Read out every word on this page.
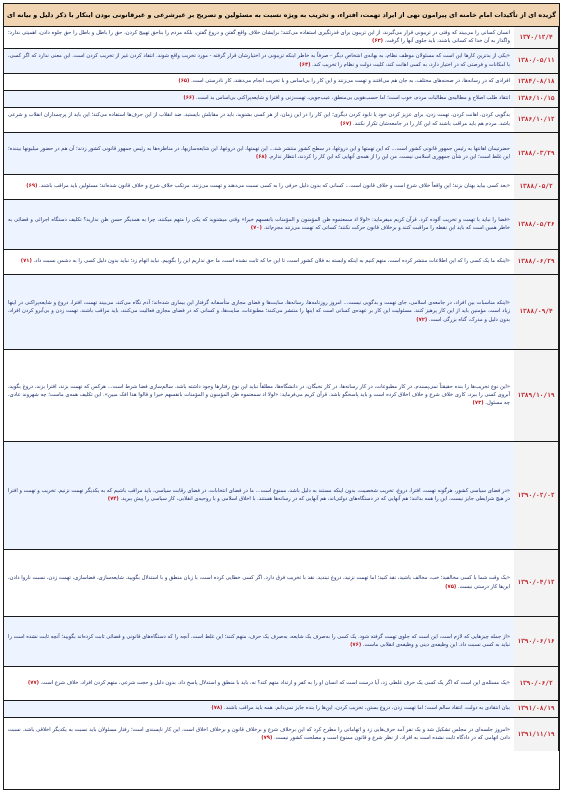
گزیده ای از تأکیدات امام خامنه ای پیرامون نهی از ایراد تهمت، افتراء، و تخریب به ویژه نسبت به مسئولین و تصریح بر غیرشرعی و غیرقانونی بودن اینکار با ذکر دلیل و بیانه ای
۱۳۷۰/۱۲/۴	انسان کسانی را می‌بیند که وقتی در تریبونی قرار می‌گیرند، از این تریبون برای قدرتگیری استفاده می‌کنند؛ برایشان خلاف واقع گفتن و دروغ گفتن، بلکه مردم را بناحق تهییج کردن، حق را باطل و باطل را حق جلوه دادن، اهمیتی ندارد؛ واگذار به آن خدا که کسانی باشند، باید جلوی آنها را گرفت. (۶۳)
۱۳۸۰/۰۵/۱۱	«یکی از بدترین کارها این است که مسئولان موظف نظام، به بهانه‌ی اشخاص دیگر - صرفاً به خاطر اینکه تریبونی در اختیارشان قرار گرفته - مورد تخریب واقع شوند. انتقاد کردن غیر از تخریب کردن است. این معنی ندارد که اگر کسی، با امکانات و فرصتی که در اختیار دارد، به کسی اهانت کند، کلیت دولت و نظام را تخریب کند. (۶۴)
۱۳۸۴/۰۸/۱۸	افرادی که در رسانه‌ها، در صحنه‌های مختلف، به جان هم می‌افتند و تهمت می‌زنند و این کار را بی‌اساس و با تخریب انجام می‌دهند، کار نادرستی است. (۶۵)
۱۳۸۶/۱۰/۱۵	انتقاد طلب اصلاح و مطالبه‌ی مطالبات مردم، خوب است؛ اما حسب‌هویی بی‌منطق، عیب‌جویی، تهمت‌زنی و افترا و شایعه‌پراکنی بی‌اساس بد است. (۶۶)
۱۳۸۶/۱۰/۱۲	بدگویی کردن، اهانت کردن، تهمت زدن، برای عزیز کردن خود یا نابود کردن دیگری؛ این کار را در این زمان، از هر کسی بشنوید، باید در مقابلش بایستید. ضد انقلاب از این حرف‌ها استفاده می‌کند؛ این باید از پرچمداران انقلاب و شرعی باشد. مردم هم باید مراقب باشند که این کار را در جامعه‌شان تکرار نکنند. (۶۷)
۱۳۸۸/۰۳/۲۹	حضرتیمان اهانتها به رئیس جمهور قانونی کشور است... که این تهمتها و این دروغها، در سطح کشور منتشر شد... این تهمتها، این دروغها، این شایعه‌سازیها، در مناظره‌ها به رئیس جمهور قانونی کشور زدند؛ آن هم در حضور میلیونها بیننده؛ این غلط است؛ این در شأن جمهوری اسلامی نیست. من این را از همه‌ی آنهایی که این کار را کردند، انتظار ندارم. (۶۸)
۱۳۸۸/۰۵/۲	«بعد کسی بیاید بهتان بزند؛ این واقعاً خلاف شرع است و خلاف قانون است... کسانی که بدون دلیل حرفی را به کسی نسبت می‌دهند و تهمت می‌زنند، مرتکب خلاف شرع و خلاف قانون شده‌اند؛ مسئولین باید مراقب باشند. (۶۹)
۱۳۸۸/۰۵/۲۶	«فضا را نباید با تهمت و تخریب آلوده کرد. قرآن کریم میفرماید: «لولا اذ سمعتموه ظن المؤمنون و المؤمنات بانفسهم خیرا» وقتی میشنوید که یکی را متهم میکنند، چرا به همدیگر حسن ظن ندارید؟ تکلیف دستگاه اجرائی و قضائی به خاطر همین است که باید این نقطه را مراقبت کنند و برخلاف قانون حرکت نکنند؛ کسانی که تهمت می‌زنند مجرم‌اند. (۷۰)
۱۳۸۸/۰۶/۲۹	«اینکه ما یک کسی را که این اطلاعات منتشر کرده است، متهم کنیم به اینکه وابسته به فلان کشور است، تا این جا که ثابت نشده است، ما حق نداریم این را بگوییم. نباید اتهام زد؛ نباید بدون دلیل کسی را به دشمن نسبت داد. (۷۱)
۱۳۸۸/۰۹/۴	«اینکه مناسبات بین افراد، در جامعه‌ی اسلامی، جای تهمت و بدگویی نیست... امروز روزنامه‌ها، رسانه‌ها، سایت‌ها و فضای مجازی متأسفانه گرفتار این بیماری شده‌اند؛ آدم نگاه می‌کند، می‌بیند تهمت، افترا، دروغ و شایعه‌پراکنی در اینها زیاد است. مؤمنین باید از این کار پرهیز کنند. مسئولیت این کار بر عهده‌ی کسانی است که اینها را منتشر می‌کنند؛ مطبوعات، سایت‌ها، و کسانی که در فضای مجازی فعالیت می‌کنند، باید مراقب باشند. تهمت زدن و بی‌آبرو کردن افراد، بدون دلیل و مدرک، گناه بزرگی است. (۷۲)
۱۳۸۹/۱۰/۱۹	«این نوع تخریب‌ها را بنده حقیقتاً نمی‌پسندم. در کار مطبوعات، در کار رسانه‌ها، در کار نخبگان، در دانشگاه‌ها، مطلقاً نباید این نوع رفتارها وجود داشته باشد. سالم‌سازی فضا شرط است... هرکس که تهمت بزند، افترا بزند، دروغ بگوید، آبروی کسی را ببرد، کاری خلاف شرع و خلاف اخلاق کرده است و باید پاسخگو باشد. قرآن کریم می‌فرماید: «لولا اذ سمعتموه ظن المؤمنون و المؤمنات بانفسهم خیرا و قالوا هذا افک مبین». این تکلیف همه‌ی ماست؛ چه شهروند عادی، چه مسئول. (۷۳)
۱۳۹۰/۰۲/۰۲	«در فضای سیاسی کشور، هرگونه تهمت، افترا، دروغ، تخریب شخصیت، بدون اینکه مستند به دلیل باشد، ممنوع است... ما در فضای انتخابات، در فضای رقابت سیاسی، باید مراقب باشیم که به یکدیگر تهمت نزنیم. تخریب و تهمت و افترا در هیچ شرایطی جایز نیست. این را همه بدانند؛ هم آنهایی که در دستگاه‌های دولتی‌اند، هم آنهایی که در رسانه‌ها هستند. با اخلاق اسلامی و با روحیه‌ی انقلابی، کار سیاسی را پیش ببرید. (۷۴)
۱۳۹۰/۰۴/۱۲	«یک وقت شما با کسی مخالفید؛ خب، مخالف باشید، نقد کنید؛ اما تهمت نزنید، دروغ نبندید. نقد با تخریب فرق دارد. اگر کسی خطایی کرده است، با زبان منطق و با استدلال بگویید. شایعه‌سازی، فضاسازی، تهمت زدن، نسبت ناروا دادن، این‌ها کار درستی نیست. (۷۵)
۱۳۹۰/۰۶/۱۶	«از جمله چیزهایی که لازم است، این است که جلوی تهمت گرفته شود. یک کسی را به‌صرف یک شایعه، به‌صرف یک حرف، متهم کنند؛ این غلط است. آنچه را که دستگاه‌های قانونی و قضائی ثابت کرده‌اند بگویید؛ آنچه ثابت نشده است را نباید به کسی نسبت داد. این وظیفه‌ی دینی و وظیفه‌ی انقلابی ماست. (۷۶)
۱۳۹۰/۰۶/۲	«یک مسئله‌ی این است که اگر یک کسی یک حرف غلطی زد، آیا درست است که انسان او را به کفر و ارتداد متهم کند؟ نه، باید با منطق و استدلال پاسخ داد. بدون دلیل و حجت شرعی، متهم کردن افراد، خلاف شرع است. (۷۷)
۱۳۹۱/۰۸/۱۹	بیان انتقادی به دولت، انتقاد سالم است؛ اما تهمت زدن، دروغ بستن، تخریب کردن، این‌ها را بنده جایز نمی‌دانم. همه باید مراقب باشند. (۷۸)
۱۳۹۱/۱۱/۱۹	«امروز جلسه‌ای در مجلس تشکیل شد و یک نفر آمد حرف‌هایی زد و اتهاماتی را مطرح کرد که این برخلاف شرع و برخلاف قانون و برخلاف اخلاق است. این کار ناپسندی است؛ رفتار مسئولان باید نسبت به یکدیگر اخلاقی باشد. نسبت دادن اتهامی که در دادگاه ثابت نشده است به افراد، از نظر شرع و قانون ممنوع است و مصلحت کشور نیست. (۷۹)
